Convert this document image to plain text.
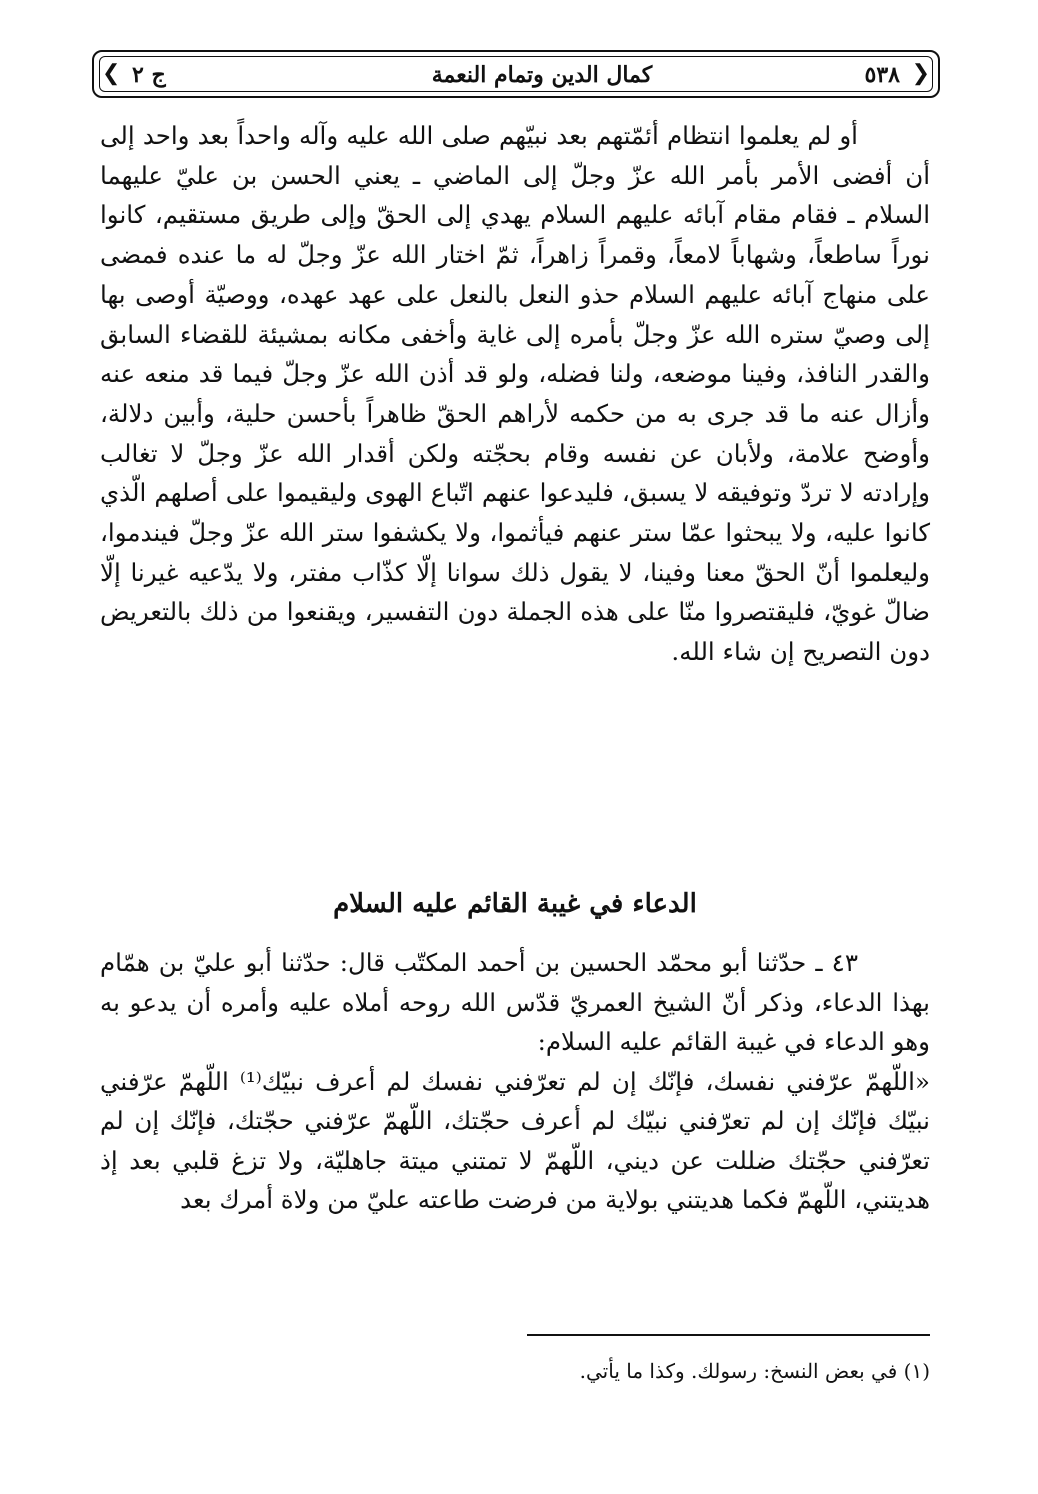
❮	❯
٥٣٨
كمال الدين وتمام النعمة
ج ٢

أو لم يعلموا انتظام أئمّتهم بعد نبيّهم صلى الله عليه وآله واحداً بعد واحد إلى أن أفضى الأمر بأمر الله عزّ وجلّ إلى الماضي ـ يعني الحسن بن عليّ عليهما السلام ـ فقام مقام آبائه عليهم السلام يهدي إلى الحقّ وإلى طريق مستقيم، كانوا نوراً ساطعاً، وشهاباً لامعاً، وقمراً زاهراً، ثمّ اختار الله عزّ وجلّ له ما عنده فمضى على منهاج آبائه عليهم السلام حذو النعل بالنعل على عهد عهده، ووصيّة أوصى بها إلى وصيّ ستره الله عزّ وجلّ بأمره إلى غاية وأخفى مكانه بمشيئة للقضاء السابق والقدر النافذ، وفينا موضعه، ولنا فضله، ولو قد أذن الله عزّ وجلّ فيما قد منعه عنه وأزال عنه ما قد جرى به من حكمه لأراهم الحقّ ظاهراً بأحسن حلية، وأبين دلالة، وأوضح علامة، ولأبان عن نفسه وقام بحجّته ولكن أقدار الله عزّ وجلّ لا تغالب وإرادته لا تردّ وتوفيقه لا يسبق، فليدعوا عنهم اتّباع الهوى وليقيموا على أصلهم الّذي كانوا عليه، ولا يبحثوا عمّا ستر عنهم فيأثموا، ولا يكشفوا ستر الله عزّ وجلّ فيندموا، وليعلموا أنّ الحقّ معنا وفينا، لا يقول ذلك سوانا إلّا كذّاب مفتر، ولا يدّعيه غيرنا إلّا ضالّ غويّ، فليقتصروا منّا على هذه الجملة دون التفسير، ويقنعوا من ذلك بالتعريض دون التصريح إن شاء الله.

الدعاء في غيبة القائم عليه السلام

٤٣ ـ حدّثنا أبو محمّد الحسين بن أحمد المكتّب قال: حدّثنا أبو عليّ بن همّام بهذا الدعاء، وذكر أنّ الشيخ العمريّ قدّس الله روحه أملاه عليه وأمره أن يدعو به وهو الدعاء في غيبة القائم عليه السلام:

«اللّهمّ عرّفني نفسك، فإنّك إن لم تعرّفني نفسك لم أعرف نبيّك⁽¹⁾ اللّهمّ عرّفني نبيّك فإنّك إن لم تعرّفني نبيّك لم أعرف حجّتك، اللّهمّ عرّفني حجّتك، فإنّك إن لم تعرّفني حجّتك ضللت عن ديني، اللّهمّ لا تمتني ميتة جاهليّة، ولا تزغ قلبي بعد إذ هديتني، اللّهمّ فكما هديتني بولاية من فرضت طاعته عليّ من ولاة أمرك بعد

(١) في بعض النسخ: رسولك. وكذا ما يأتي.
